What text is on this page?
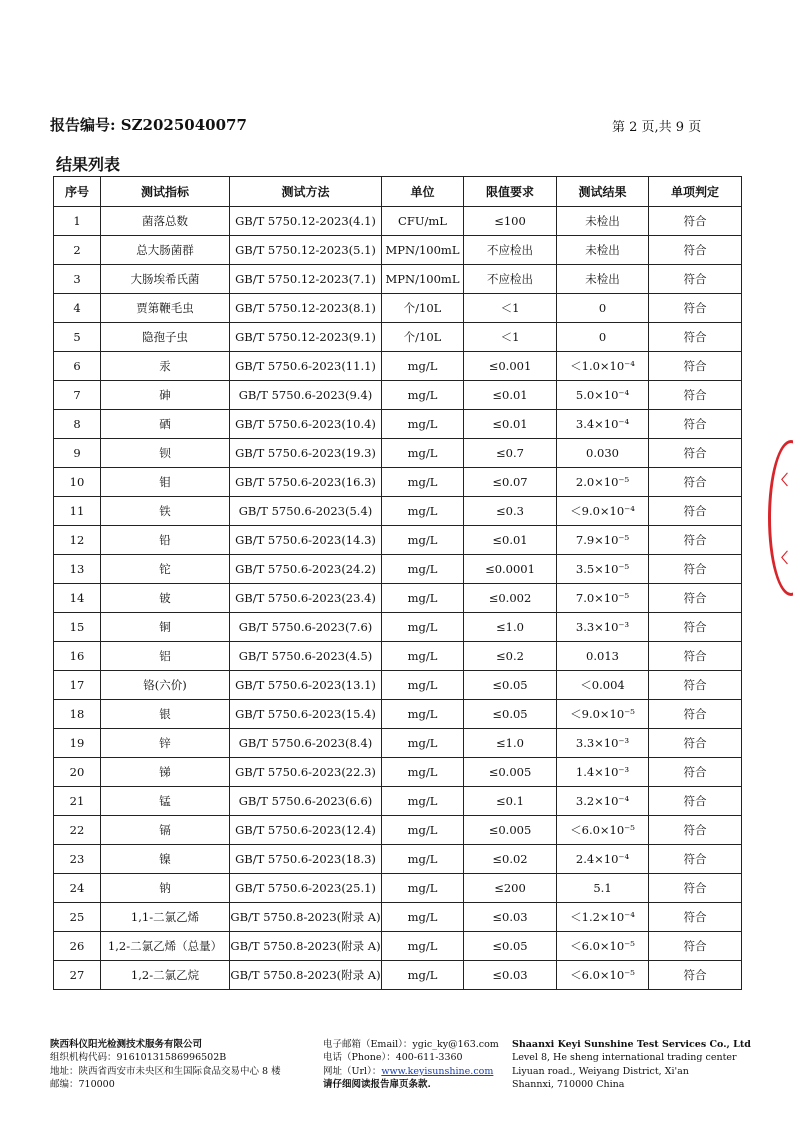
报告编号: SZ2025040077	第 2 页,共 9 页
结果列表
序号	测试指标	测试方法	单位	限值要求	测试结果	单项判定
1	菌落总数	GB/T 5750.12-2023(4.1)	CFU/mL	≤100	未检出	符合
2	总大肠菌群	GB/T 5750.12-2023(5.1)	MPN/100mL	不应检出	未检出	符合
3	大肠埃希氏菌	GB/T 5750.12-2023(7.1)	MPN/100mL	不应检出	未检出	符合
4	贾第鞭毛虫	GB/T 5750.12-2023(8.1)	个/10L	＜1	0	符合
5	隐孢子虫	GB/T 5750.12-2023(9.1)	个/10L	＜1	0	符合
6	汞	GB/T 5750.6-2023(11.1)	mg/L	≤0.001	＜1.0×10⁻⁴	符合
7	砷	GB/T 5750.6-2023(9.4)	mg/L	≤0.01	5.0×10⁻⁴	符合
8	硒	GB/T 5750.6-2023(10.4)	mg/L	≤0.01	3.4×10⁻⁴	符合
9	钡	GB/T 5750.6-2023(19.3)	mg/L	≤0.7	0.030	符合
10	钼	GB/T 5750.6-2023(16.3)	mg/L	≤0.07	2.0×10⁻⁵	符合
11	铁	GB/T 5750.6-2023(5.4)	mg/L	≤0.3	＜9.0×10⁻⁴	符合
12	铅	GB/T 5750.6-2023(14.3)	mg/L	≤0.01	7.9×10⁻⁵	符合
13	铊	GB/T 5750.6-2023(24.2)	mg/L	≤0.0001	3.5×10⁻⁵	符合
14	铍	GB/T 5750.6-2023(23.4)	mg/L	≤0.002	7.0×10⁻⁵	符合
15	铜	GB/T 5750.6-2023(7.6)	mg/L	≤1.0	3.3×10⁻³	符合
16	铝	GB/T 5750.6-2023(4.5)	mg/L	≤0.2	0.013	符合
17	铬(六价)	GB/T 5750.6-2023(13.1)	mg/L	≤0.05	＜0.004	符合
18	银	GB/T 5750.6-2023(15.4)	mg/L	≤0.05	＜9.0×10⁻⁵	符合
19	锌	GB/T 5750.6-2023(8.4)	mg/L	≤1.0	3.3×10⁻³	符合
20	锑	GB/T 5750.6-2023(22.3)	mg/L	≤0.005	1.4×10⁻³	符合
21	锰	GB/T 5750.6-2023(6.6)	mg/L	≤0.1	3.2×10⁻⁴	符合
22	镉	GB/T 5750.6-2023(12.4)	mg/L	≤0.005	＜6.0×10⁻⁵	符合
23	镍	GB/T 5750.6-2023(18.3)	mg/L	≤0.02	2.4×10⁻⁴	符合
24	钠	GB/T 5750.6-2023(25.1)	mg/L	≤200	5.1	符合
25	1,1-二氯乙烯	GB/T 5750.8-2023(附录 A)	mg/L	≤0.03	＜1.2×10⁻⁴	符合
26	1,2-二氯乙烯（总量）	GB/T 5750.8-2023(附录 A)	mg/L	≤0.05	＜6.0×10⁻⁵	符合
27	1,2-二氯乙烷	GB/T 5750.8-2023(附录 A)	mg/L	≤0.03	＜6.0×10⁻⁵	符合
〈
〈
陕西科仪阳光检测技术服务有限公司
组织机构代码：91610131586996502B
地址：陕西省西安市未央区和生国际食品交易中心 8 楼
邮编：710000
电子邮箱（Email）：ygic_ky@163.com
电话（Phone）：400-611-3360
网址（Url）：www.keyisunshine.com
请仔细阅读报告扉页条款.
Shaanxi Keyi Sunshine Test Services Co., Ltd
Level 8, He sheng international trading center
Liyuan road., Weiyang District, Xi'an
Shannxi, 710000 China
